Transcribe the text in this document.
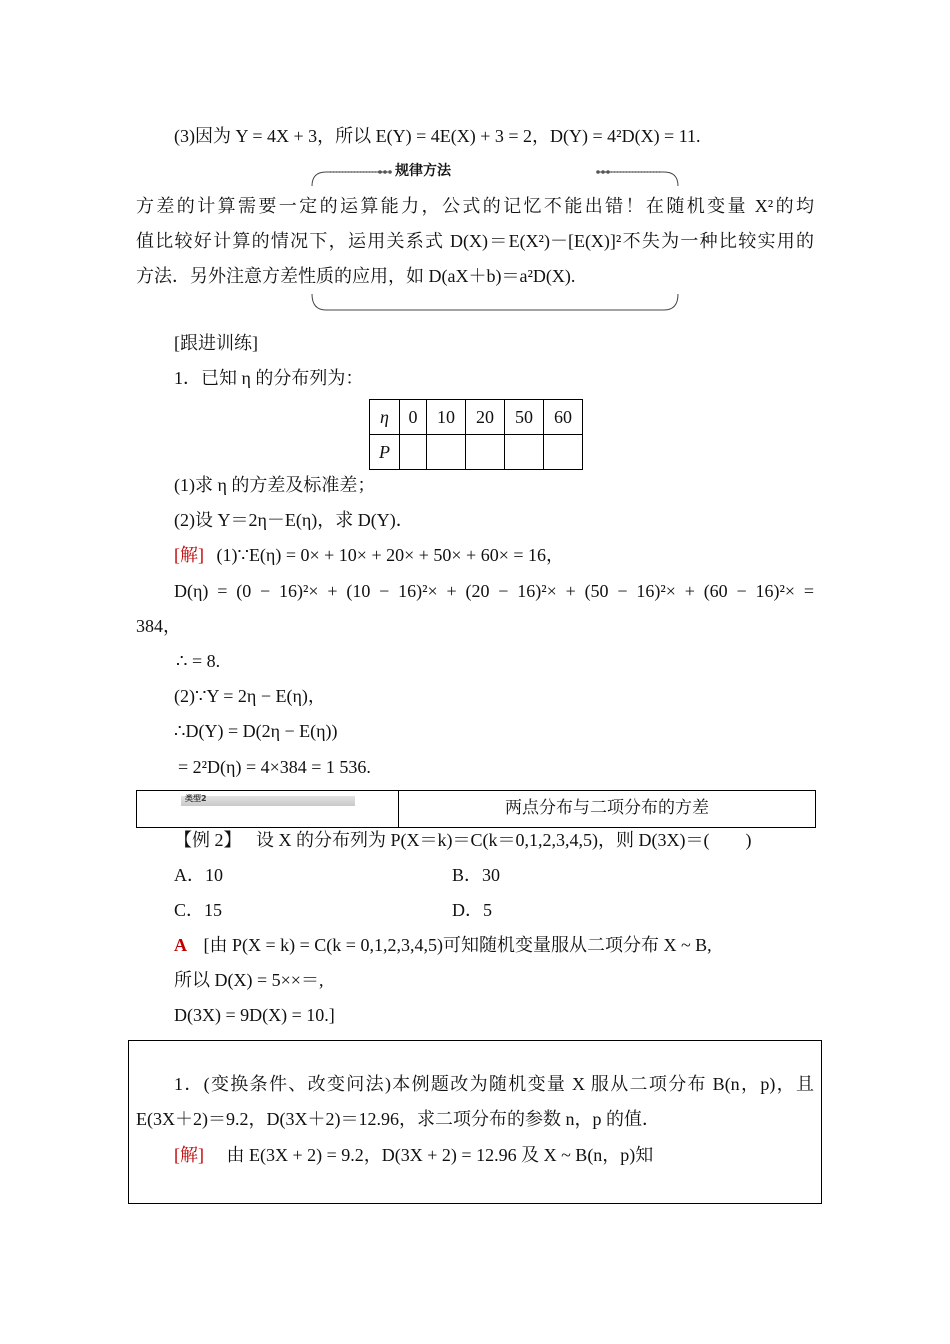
(3)因为 Y = 4X + 3，所以 E(Y) = 4E(X) + 3 = 2，D(Y) = 4²D(X) = 11.
规律方法
方差的计算需要一定的运算能力，公式的记忆不能出错！在随机变量 X²的均
值比较好计算的情况下，运用关系式 D(X)＝E(X²)－[E(X)]²不失为一种比较实用的
方法．另外注意方差性质的应用，如 D(aX＋b)＝a²D(X).
[跟进训练]
1．已知 η 的分布列为：
η	0	10	20	50	60
P					
(1)求 η 的方差及标准差；
(2)设 Y＝2η－E(η)，求 D(Y)．
[解] (1)∵E(η) = 0× + 10× + 20× + 50× + 60× = 16，
D(η) = (0 − 16)²× + (10 − 16)²× + (20 − 16)²× + (50 − 16)²× + (60 − 16)²× =
384，
∴ = 8.
(2)∵Y = 2η − E(η)，
∴D(Y) = D(2η − E(η))
= 2²D(η) = 4×384 = 1 536.
类型2	两点分布与二项分布的方差
【例 2】 设 X 的分布列为 P(X＝k)＝C(k＝0,1,2,3,4,5)，则 D(3X)＝(　　)
A．10	B．30
C．15	D．5
A [由 P(X = k) = C(k = 0,1,2,3,4,5)可知随机变量服从二项分布 X ~ B,
所以 D(X) = 5××＝,
D(3X) = 9D(X) = 10.]
1．(变换条件、改变问法)本例题改为随机变量 X 服从二项分布 B(n，p)，且
E(3X＋2)＝9.2，D(3X＋2)＝12.96，求二项分布的参数 n，p 的值．
[解] 由 E(3X + 2) = 9.2，D(3X + 2) = 12.96 及 X ~ B(n，p)知
